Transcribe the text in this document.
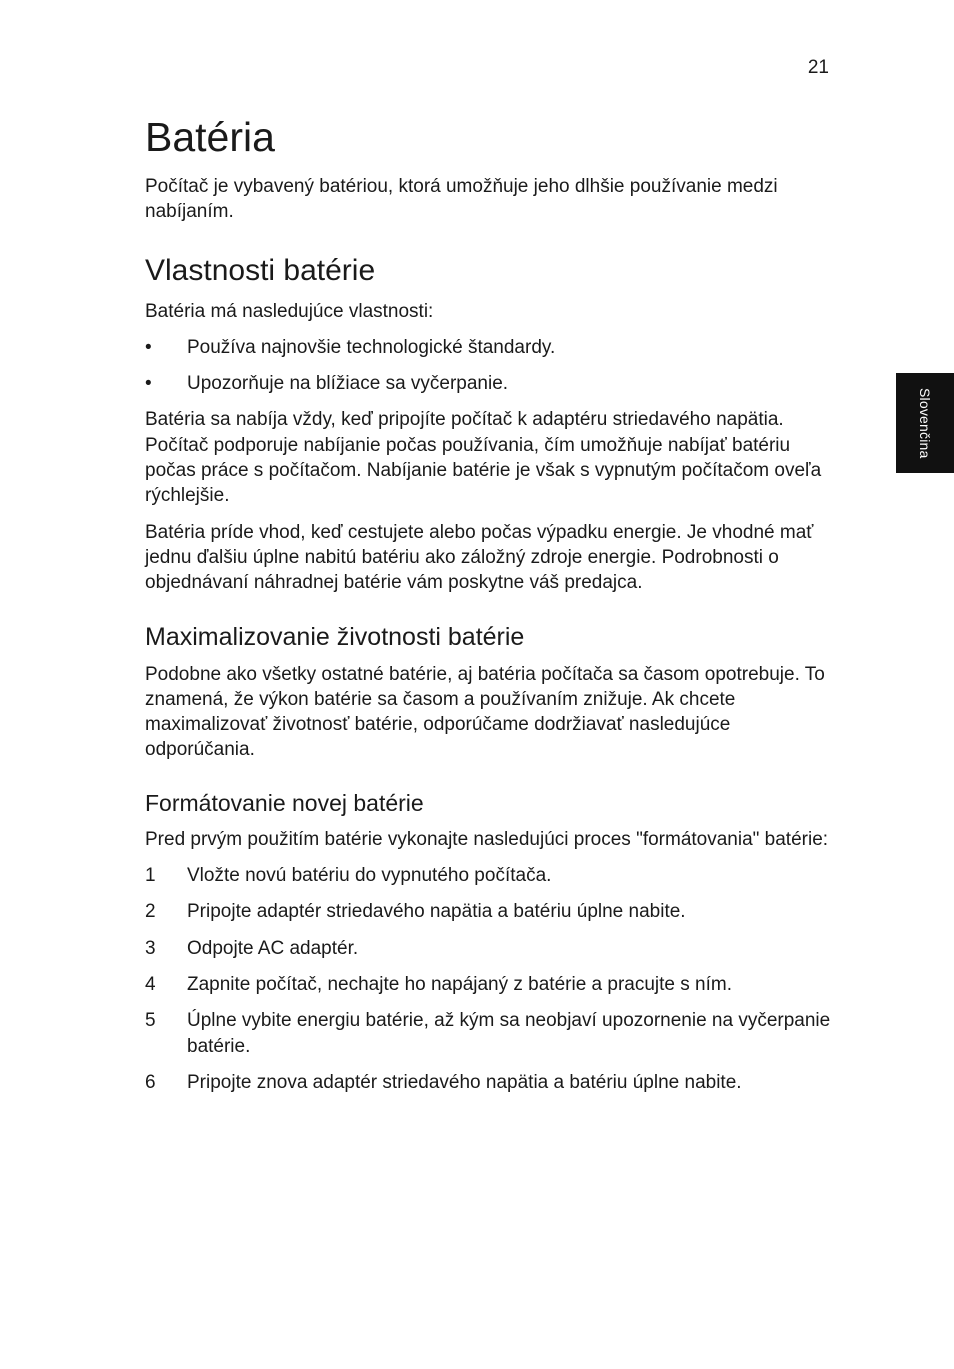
21
Slovenčina
Batéria

Počítač je vybavený batériou, ktorá umožňuje jeho dlhšie používanie medzi nabíjaním.

Vlastnosti batérie

Batéria má nasledujúce vlastnosti:

• Používa najnovšie technologické štandardy.
• Upozorňuje na blížiace sa vyčerpanie.

Batéria sa nabíja vždy, keď pripojíte počítač k adaptéru striedavého napätia. Počítač podporuje nabíjanie počas používania, čím umožňuje nabíjať batériu počas práce s počítačom. Nabíjanie batérie je však s vypnutým počítačom oveľa rýchlejšie.

Batéria príde vhod, keď cestujete alebo počas výpadku energie. Je vhodné mať jednu ďalšiu úplne nabitú batériu ako záložný zdroje energie. Podrobnosti o objednávaní náhradnej batérie vám poskytne váš predajca.

Maximalizovanie životnosti batérie

Podobne ako všetky ostatné batérie, aj batéria počítača sa časom opotrebuje. To znamená, že výkon batérie sa časom a používaním znižuje. Ak chcete maximalizovať životnosť batérie, odporúčame dodržiavať nasledujúce odporúčania.

Formátovanie novej batérie

Pred prvým použitím batérie vykonajte nasledujúci proces "formátovania" batérie:

1 Vložte novú batériu do vypnutého počítača.
2 Pripojte adaptér striedavého napätia a batériu úplne nabite.
3 Odpojte AC adaptér.
4 Zapnite počítač, nechajte ho napájaný z batérie a pracujte s ním.
5 Úplne vybite energiu batérie, až kým sa neobjaví upozornenie na vyčerpanie batérie.
6 Pripojte znova adaptér striedavého napätia a batériu úplne nabite.
